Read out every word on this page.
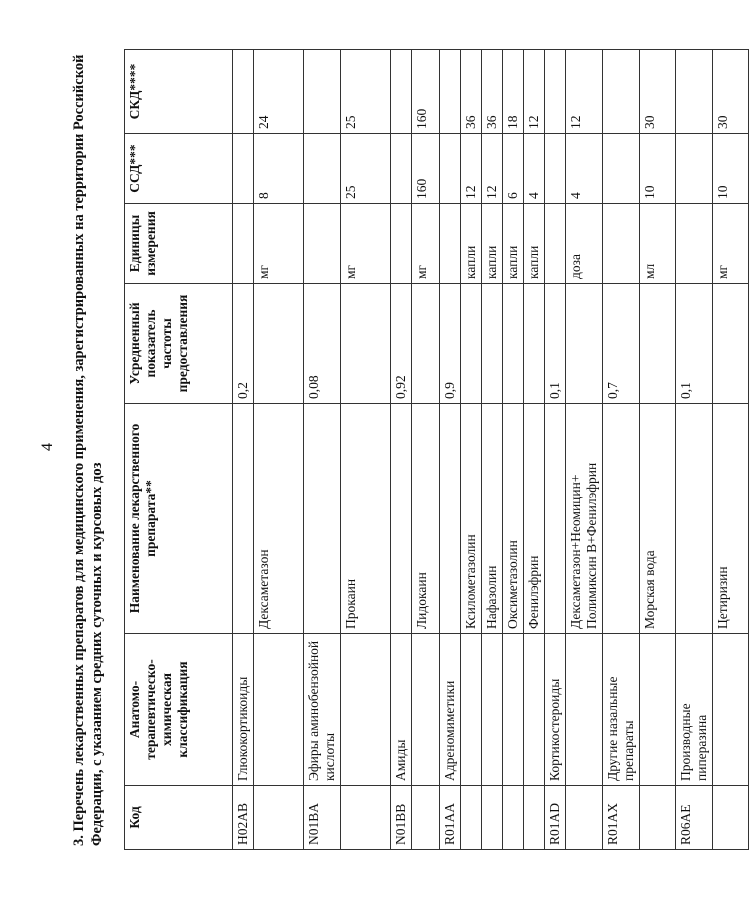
4 3. Перечень лекарственных препаратов для медицинского применения, зарегистрированных на территории Российской Федерации, с указанием средних суточных и курсовых доз	Код	Анатомо-терапевтическо-химическая классификация	Наименование лекарственного препарата**	Усредненный показатель частоты предоставления	Единицы измерения	ССД***	СКД****
H02AB	Глюкокортикоиды		0,2			
		Дексаметазон		мг	8	24
N01BA	Эфиры аминобензойной кислоты		0,08			
		Прокаин		мг	25	25
N01BB	Амиды		0,92			
		Лидокаин		мг	160	160
R01AA	Адреномиметики		0,9			
		Ксилометазолин		капли	12	36
		Нафазолин		капли	12	36
		Оксиметазолин		капли	6	18
		Фенилэфрин		капли	4	12
R01AD	Кортикостероиды		0,1			
		Дексаметазон+Неомицин+ Полимиксин В+Фенилэфрин		доза	4	12
R01AX	Другие назальные препараты		0,7			
		Морская вода		мл	10	30
R06AE	Производные пиперазина		0,1			
		Цетиризин		мг	10	30
